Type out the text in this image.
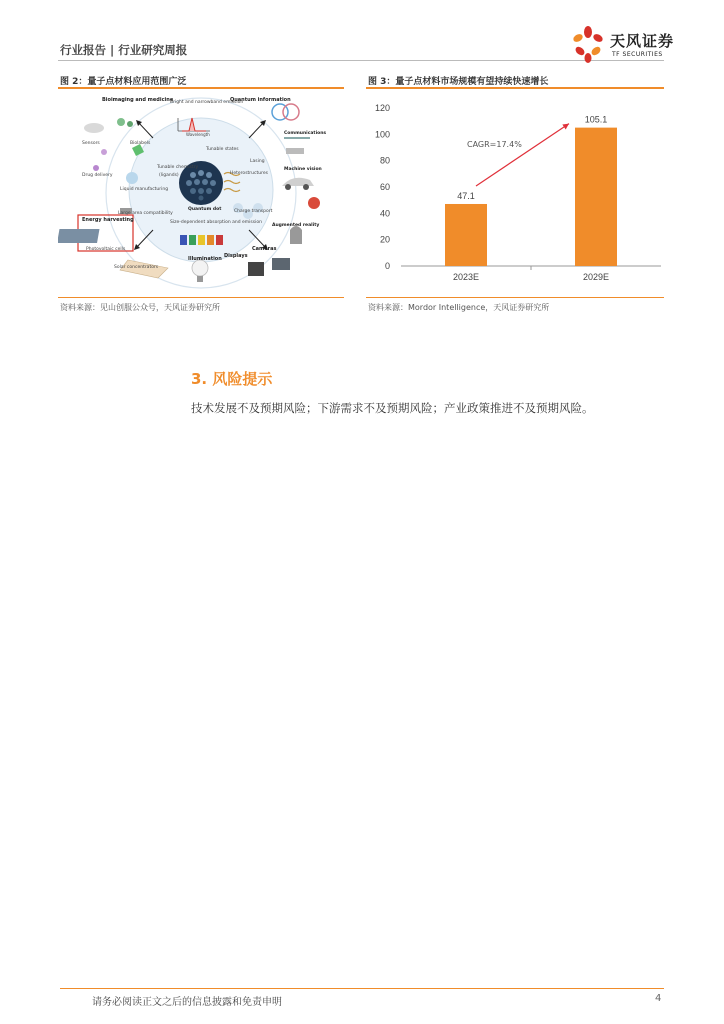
行业报告 | 行业研究周报	天风证券
TF SECURITIES
图 2：量子点材料应用范围广泛
Bioimaging and medicine
Sensors	Biolabels
Drug delivery
Liquid manufacturing
Tunable chemistry
(ligands)
Large area compatibility
Energy harvesting
Photovoltaic cells
Solar concentrators
Bright and narrowband emission
Wavelength
Tunable states
Quantum dot
Size-dependent absorption and emission
Illumination
Quantum information
Communications
Lasing
Heterostructures
Machine vision
Charge transport
Augmented reality
Cameras
Displays
资料来源：见山创服公众号，天风证券研究所
图 3：量子点材料市场规模有望持续快速增长
0
20
40
60
80
100
120
2023E	2029E
47.1
105.1
CAGR=17.4%
资料来源：Mordor Intelligence，天风证券研究所
3. 风险提示
技术发展不及预期风险；下游需求不及预期风险；产业政策推进不及预期风险。
请务必阅读正文之后的信息披露和免责申明	4
